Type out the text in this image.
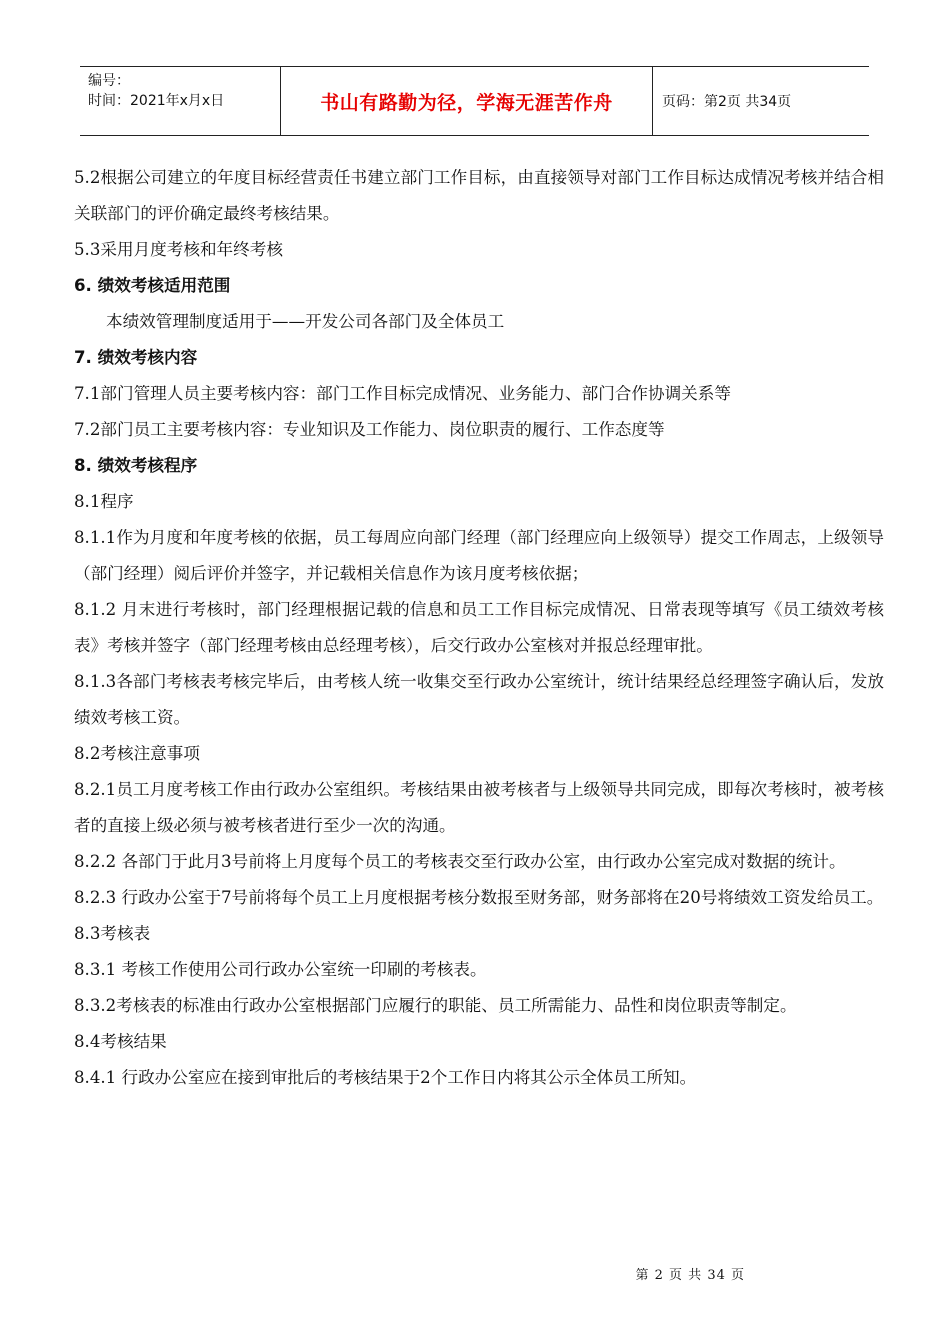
编号：
时间：2021年x月x日	书山有路勤为径，学海无涯苦作舟	页码：第2页 共34页

5.2根据公司建立的年度目标经营责任书建立部门工作目标，由直接领导对部门工作目标达成情况考核并结合相关联部门的评价确定最终考核结果。

5.3采用月度考核和年终考核

6. 绩效考核适用范围

本绩效管理制度适用于——开发公司各部门及全体员工

7. 绩效考核内容

7.1部门管理人员主要考核内容：部门工作目标完成情况、业务能力、部门合作协调关系等

7.2部门员工主要考核内容：专业知识及工作能力、岗位职责的履行、工作态度等

8. 绩效考核程序

8.1程序

8.1.1作为月度和年度考核的依据，员工每周应向部门经理（部门经理应向上级领导）提交工作周志，上级领导（部门经理）阅后评价并签字，并记载相关信息作为该月度考核依据；

8.1.2 月末进行考核时，部门经理根据记载的信息和员工工作目标完成情况、日常表现等填写《员工绩效考核表》考核并签字（部门经理考核由总经理考核），后交行政办公室核对并报总经理审批。

8.1.3各部门考核表考核完毕后，由考核人统一收集交至行政办公室统计，统计结果经总经理签字确认后，发放绩效考核工资。

8.2考核注意事项

8.2.1员工月度考核工作由行政办公室组织。考核结果由被考核者与上级领导共同完成，即每次考核时，被考核者的直接上级必须与被考核者进行至少一次的沟通。

8.2.2 各部门于此月3号前将上月度每个员工的考核表交至行政办公室，由行政办公室完成对数据的统计。

8.2.3 行政办公室于7号前将每个员工上月度根据考核分数报至财务部，财务部将在20号将绩效工资发给员工。

8.3考核表

8.3.1 考核工作使用公司行政办公室统一印刷的考核表。

8.3.2考核表的标准由行政办公室根据部门应履行的职能、员工所需能力、品性和岗位职责等制定。

8.4考核结果

8.4.1 行政办公室应在接到审批后的考核结果于2个工作日内将其公示全体员工所知。

第 2 页 共 34 页
